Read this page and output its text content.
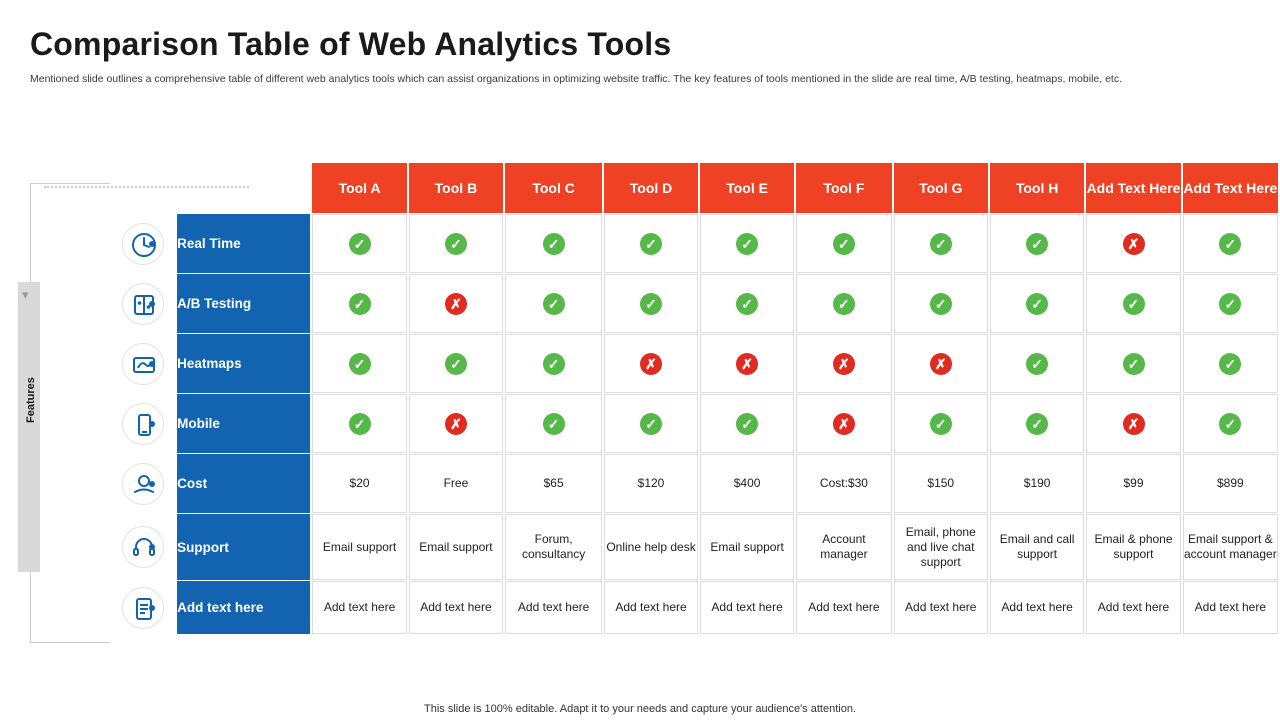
Comparison Table of Web Analytics Tools
Mentioned slide outlines a comprehensive table of different web analytics tools which can assist organizations in optimizing website traffic. The key features of tools mentioned in the slide are real time, A/B testing, heatmaps, mobile, etc.
Features
▾
		Tool A	Tool B	Tool C	Tool D	Tool E	Tool F	Tool G	Tool H	Add Text Here	Add Text Here

	Real Time	✓	✓	✓	✓	✓	✓	✓	✓	✗	✓

	A/B Testing	✓	✗	✓	✓	✓	✓	✓	✓	✓	✓

	Heatmaps	✓	✓	✓	✗	✗	✗	✗	✓	✓	✓

	Mobile	✓	✗	✓	✓	✓	✗	✓	✓	✗	✓

	Cost	$20	Free	$65	$120	$400	Cost:$30	$150	$190	$99	$899

	Support	Email support	Email support	Forum, consultancy	Online help desk	Email support	Account manager	Email, phone and live chat support	Email and call support	Email & phone support	Email support & account manager

	Add text here	Add text here	Add text here	Add text here	Add text here	Add text here	Add text here	Add text here	Add text here	Add text here	Add text here
This slide is 100% editable. Adapt it to your needs and capture your audience's attention.
